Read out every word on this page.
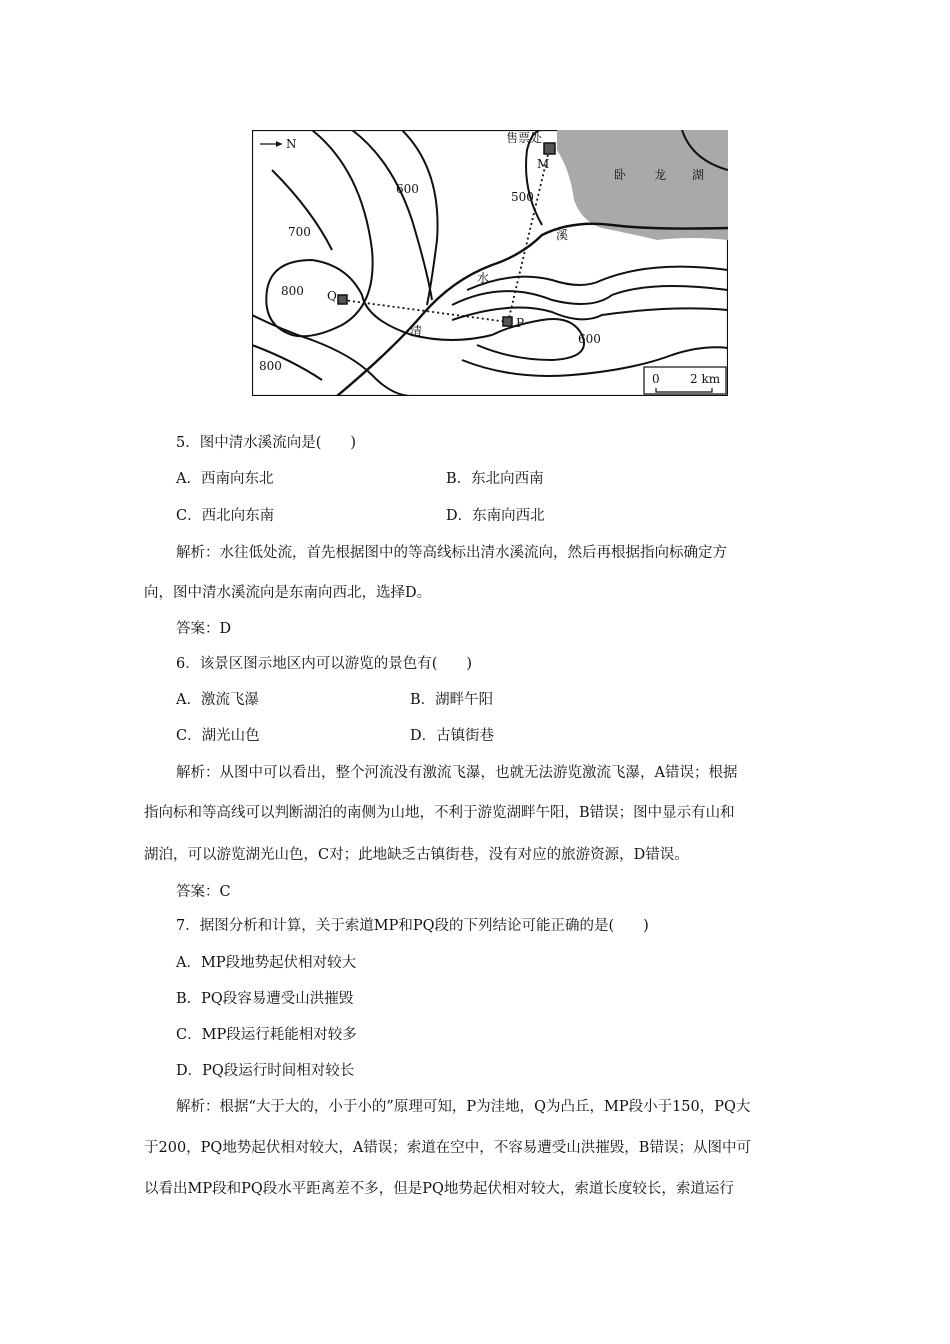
N	售票处
M
P
Q
卧 龙 湖
溪
水
清
600
700
500
800
600
800
0	2 km
5．图中清水溪流向是(　　)
A．西南向东北	B．东北向西南
C．西北向东南	D．东南向西北
解析：水往低处流，首先根据图中的等高线标出清水溪流向，然后再根据指向标确定方
向，图中清水溪流向是东南向西北，选择D。
答案：D
6．该景区图示地区内可以游览的景色有(　　)
A．激流飞瀑	B．湖畔午阳
C．湖光山色	D．古镇街巷
解析：从图中可以看出，整个河流没有激流飞瀑，也就无法游览激流飞瀑，A错误；根据
指向标和等高线可以判断湖泊的南侧为山地，不利于游览湖畔午阳，B错误；图中显示有山和
湖泊，可以游览湖光山色，C对；此地缺乏古镇街巷，没有对应的旅游资源，D错误。
答案：C
7．据图分析和计算，关于索道MP和PQ段的下列结论可能正确的是(　　)
A．MP段地势起伏相对较大
B．PQ段容易遭受山洪摧毁
C．MP段运行耗能相对较多
D．PQ段运行时间相对较长
解析：根据“大于大的，小于小的”原理可知，P为洼地，Q为凸丘，MP段小于150，PQ大
于200，PQ地势起伏相对较大，A错误；索道在空中，不容易遭受山洪摧毁，B错误；从图中可
以看出MP段和PQ段水平距离差不多，但是PQ地势起伏相对较大，索道长度较长，索道运行
